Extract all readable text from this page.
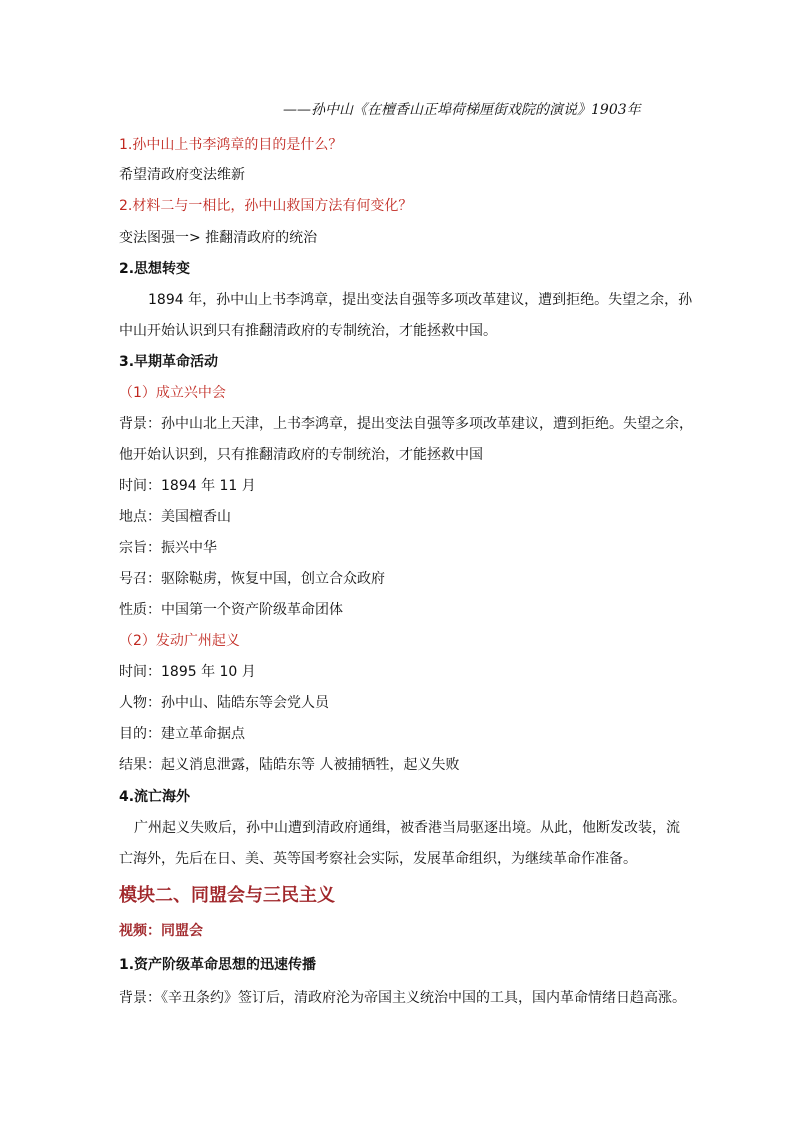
——孙中山《在檀香山正埠荷梯厘街戏院的演说》1903年
1.孙中山上书李鸿章的目的是什么？
希望清政府变法维新
2.材料二与一相比，孙中山救国方法有何变化？
变法图强一> 推翻清政府的统治
2.思想转变
1894 年，孙中山上书李鸿章，提出变法自强等多项改革建议，遭到拒绝。失望之余，孙
中山开始认识到只有推翻清政府的专制统治，才能拯救中国。
3.早期革命活动
（1）成立兴中会
背景：孙中山北上天津，上书李鸿章，提出变法自强等多项改革建议，遭到拒绝。失望之余，
他开始认识到，只有推翻清政府的专制统治，才能拯救中国
时间：1894 年 11 月
地点：美国檀香山
宗旨：振兴中华
号召：驱除鞑虏，恢复中国，创立合众政府
性质：中国第一个资产阶级革命团体
（2）发动广州起义
时间：1895 年 10 月
人物：孙中山、陆皓东等会党人员
目的：建立革命据点
结果：起义消息泄露，陆皓东等 人被捕牺牲，起义失败
4.流亡海外
广州起义失败后，孙中山遭到清政府通缉，被香港当局驱逐出境。从此，他断发改装，流
亡海外，先后在日、美、英等国考察社会实际，发展革命组织，为继续革命作准备。
模块二、同盟会与三民主义
视频：同盟会
1.资产阶级革命思想的迅速传播
背景：《辛丑条约》签订后，清政府沦为帝国主义统治中国的工具，国内革命情绪日趋高涨。
